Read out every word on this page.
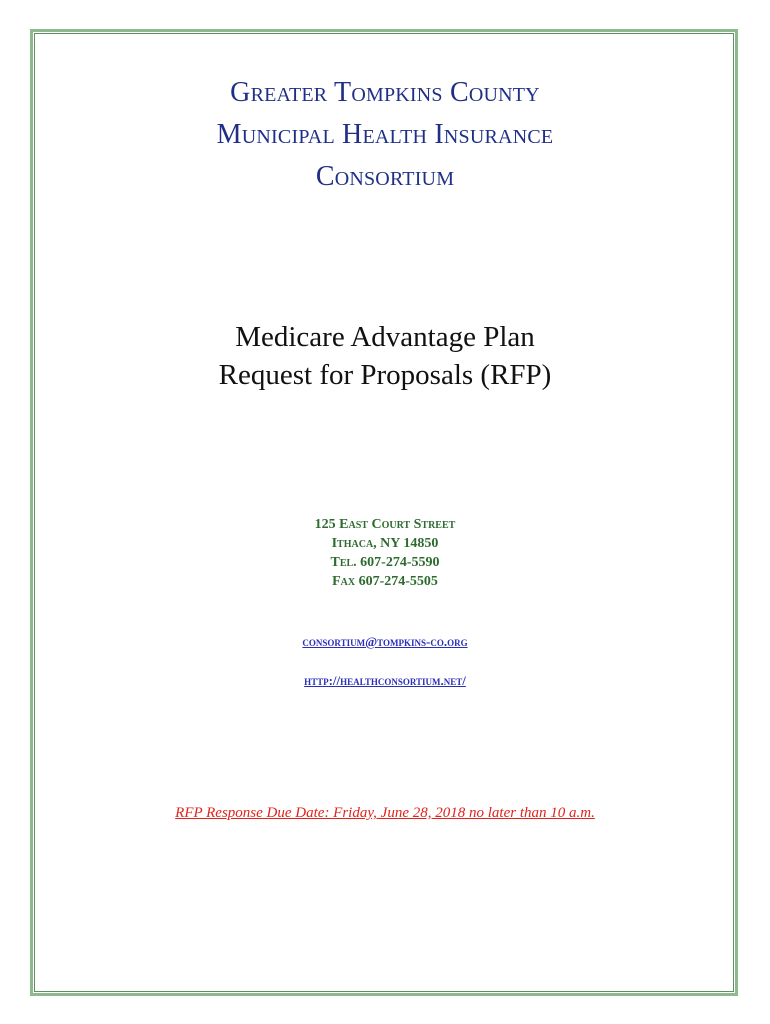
Greater Tompkins County
Municipal Health Insurance
Consortium
Medicare Advantage Plan
Request for Proposals (RFP)
125 East Court Street
Ithaca, NY 14850
Tel. 607-274-5590
Fax 607-274-5505
consortium@tompkins-co.org
http://healthconsortium.net/
RFP Response Due Date: Friday, June 28, 2018 no later than 10 a.m.
